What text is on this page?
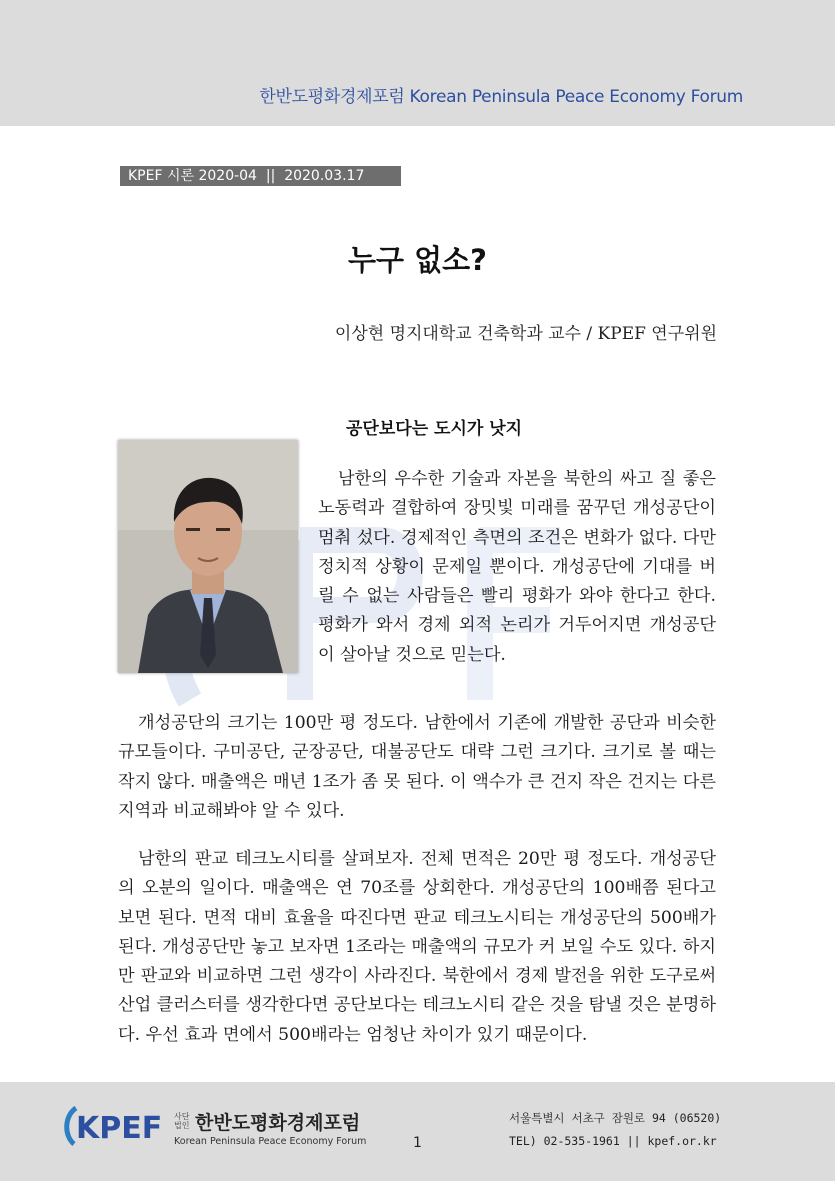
한반도평화경제포럼 Korean Peninsula Peace Economy Forum
KPEF 시론 2020-04  ||  2020.03.17
누구 없소?
이상현 명지대학교 건축학과 교수 / KPEF 연구위원
공단보다는 도시가 낫지

남한의 우수한 기술과 자본을 북한의 싸고 질 좋은 노동력과 결합하여 장밋빛 미래를 꿈꾸던 개성공단이 멈춰 섰다. 경제적인 측면의 조건은 변화가 없다. 다만 정치적 상황이 문제일 뿐이다. 개성공단에 기대를 버릴 수 없는 사람들은 빨리 평화가 와야 한다고 한다. 평화가 와서 경제 외적 논리가 거두어지면 개성공단이 살아날 것으로 믿는다.

개성공단의 크기는 100만 평 정도다. 남한에서 기존에 개발한 공단과 비슷한 규모들이다. 구미공단, 군장공단, 대불공단도 대략 그런 크기다. 크기로 볼 때는 작지 않다. 매출액은 매년 1조가 좀 못 된다. 이 액수가 큰 건지 작은 건지는 다른 지역과 비교해봐야 알 수 있다.

남한의 판교 테크노시티를 살펴보자. 전체 면적은 20만 평 정도다. 개성공단의 오분의 일이다. 매출액은 연 70조를 상회한다. 개성공단의 100배쯤 된다고 보면 된다. 면적 대비 효율을 따진다면 판교 테크노시티는 개성공단의 500배가 된다. 개성공단만 놓고 보자면 1조라는 매출액의 규모가 커 보일 수도 있다. 하지만 판교와 비교하면 그런 생각이 사라진다. 북한에서 경제 발전을 위한 도구로써 산업 클러스터를 생각한다면 공단보다는 테크노시티 같은 것을 탐낼 것은 분명하다. 우선 효과 면에서 500배라는 엄청난 차이가 있기 때문이다.

KPEF 사단법인 한반도평화경제포럼
Korean Peninsula Peace Economy Forum	1
서울특별시 서초구 잠원로 94 (06520)
TEL) 02-535-1961 || kpef.or.kr
